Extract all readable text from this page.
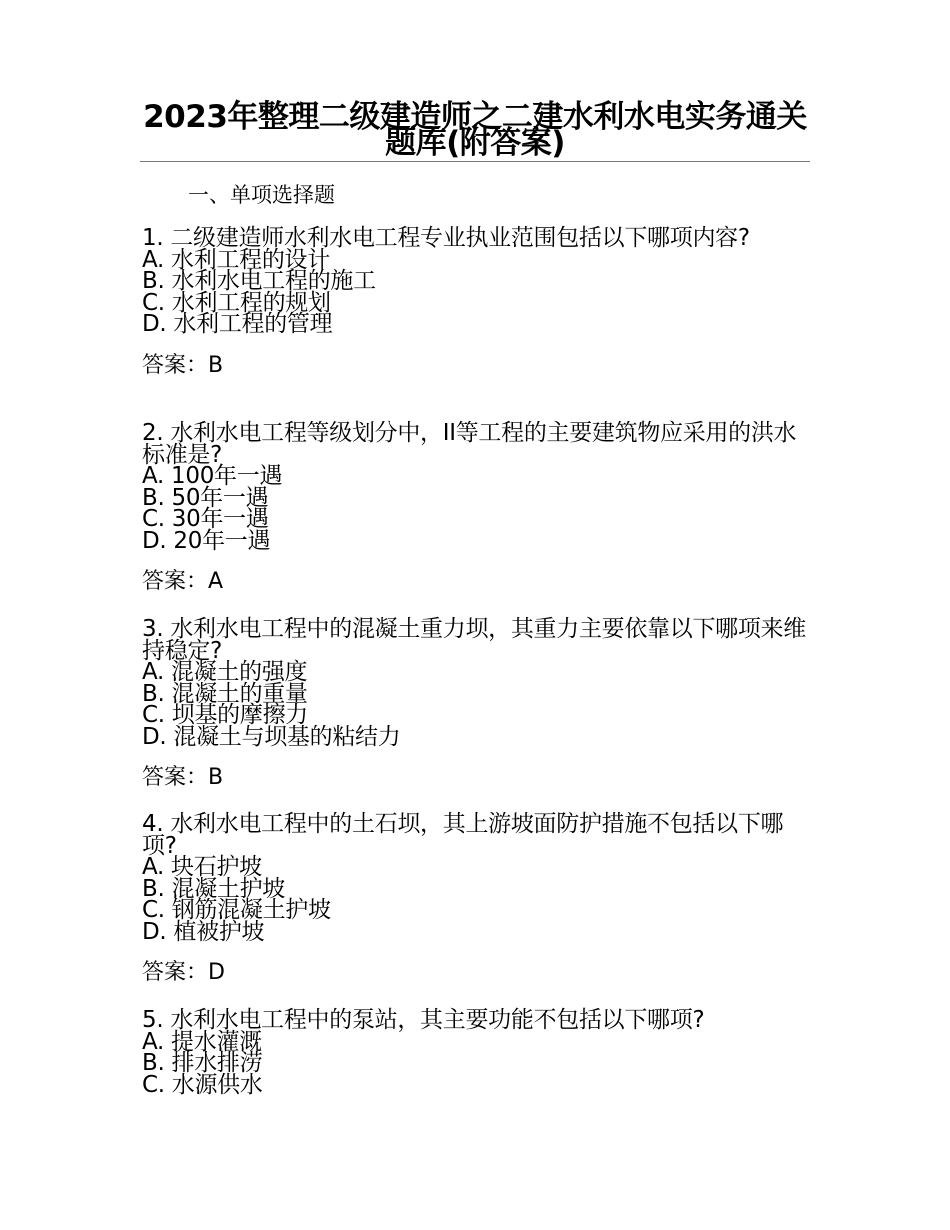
2023年整理二级建造师之二建水利水电实务通关题库(附答案)
一、单项选择题
1. 二级建造师水利水电工程专业执业范围包括以下哪项内容?
A. 水利工程的设计
B. 水利水电工程的施工
C. 水利工程的规划
D. 水利工程的管理
答案：B
2. 水利水电工程等级划分中，II等工程的主要建筑物应采用的洪水标准是?
A. 100年一遇
B. 50年一遇
C. 30年一遇
D. 20年一遇
答案：A
3. 水利水电工程中的混凝土重力坝，其重力主要依靠以下哪项来维持稳定?
A. 混凝土的强度
B. 混凝土的重量
C. 坝基的摩擦力
D. 混凝土与坝基的粘结力
答案：B
4. 水利水电工程中的土石坝，其上游坡面防护措施不包括以下哪项?
A. 块石护坡
B. 混凝土护坡
C. 钢筋混凝土护坡
D. 植被护坡
答案：D
5. 水利水电工程中的泵站，其主要功能不包括以下哪项?
A. 提水灌溉
B. 排水排涝
C. 水源供水
